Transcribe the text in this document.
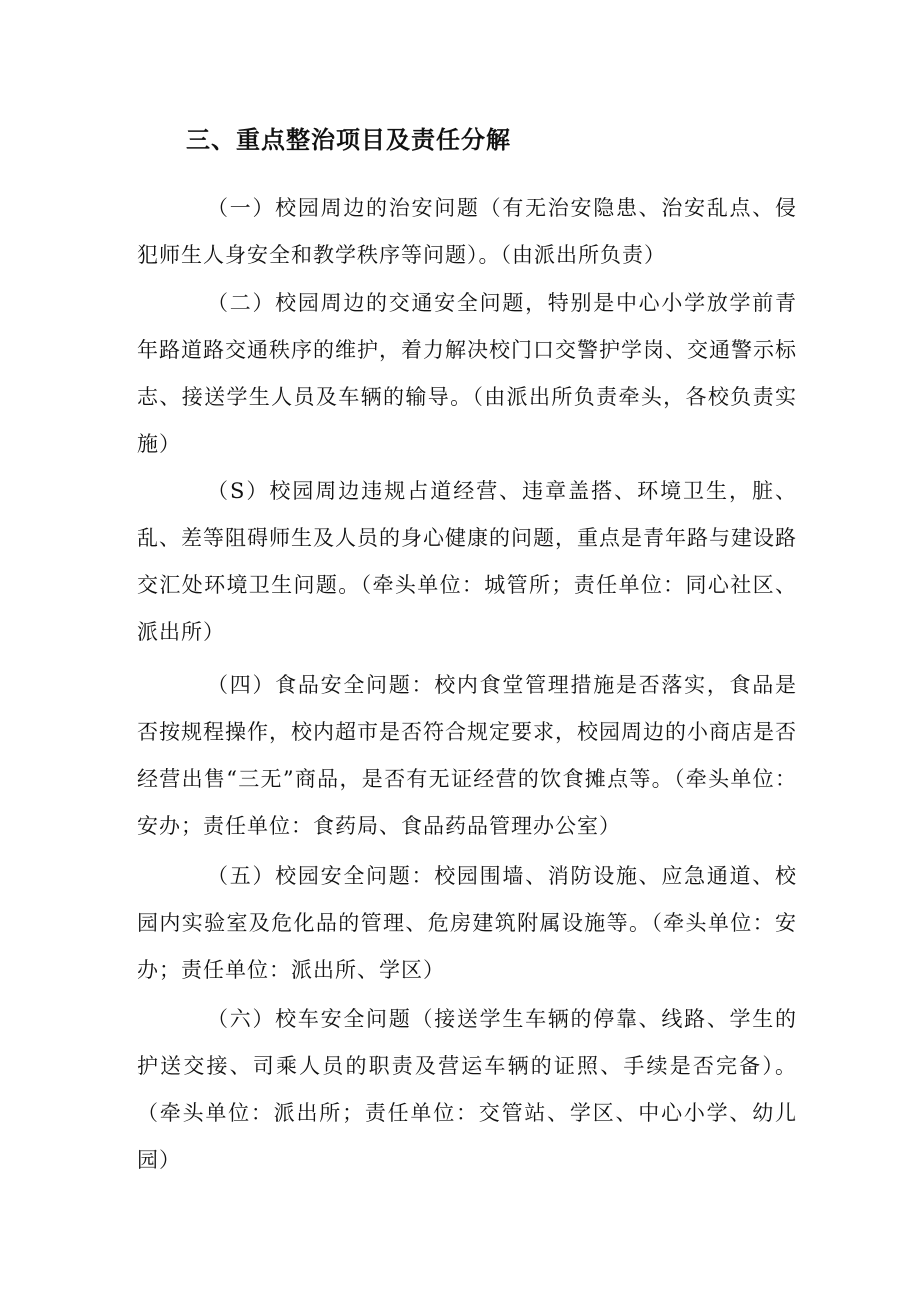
三、重点整治项目及责任分解

（一）校园周边的治安问题（有无治安隐患、治安乱点、侵犯师生人身安全和教学秩序等问题）。（由派出所负责）

（二）校园周边的交通安全问题，特别是中心小学放学前青年路道路交通秩序的维护，着力解决校门口交警护学岗、交通警示标志、接送学生人员及车辆的输导。（由派出所负责牵头，各校负责实施）

（S）校园周边违规占道经营、违章盖搭、环境卫生，脏、乱、差等阻碍师生及人员的身心健康的问题，重点是青年路与建设路交汇处环境卫生问题。（牵头单位：城管所；责任单位：同心社区、派出所）

（四）食品安全问题：校内食堂管理措施是否落实，食品是否按规程操作，校内超市是否符合规定要求，校园周边的小商店是否经营出售“三无”商品，是否有无证经营的饮食摊点等。（牵头单位：安办；责任单位：食药局、食品药品管理办公室）

（五）校园安全问题：校园围墙、消防设施、应急通道、校园内实验室及危化品的管理、危房建筑附属设施等。（牵头单位：安办；责任单位：派出所、学区）

（六）校车安全问题（接送学生车辆的停靠、线路、学生的护送交接、司乘人员的职责及营运车辆的证照、手续是否完备）。（牵头单位：派出所；责任单位：交管站、学区、中心小学、幼儿园）
